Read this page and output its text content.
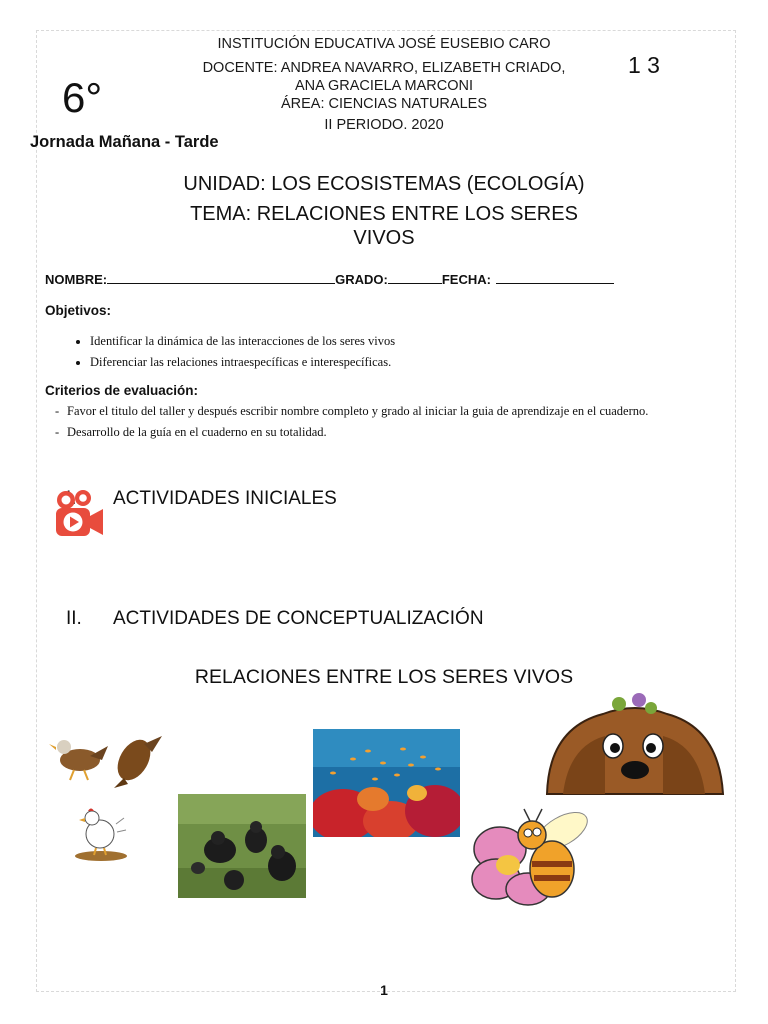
INSTITUCIÓN EDUCATIVA JOSÉ EUSEBIO CARO
DOCENTE: ANDREA NAVARRO, ELIZABETH CRIADO,
ANA GRACIELA MARCONI
ÁREA: CIENCIAS NATURALES
II PERIODO. 2020
6°
1 3
Jornada Mañana - Tarde
UNIDAD: LOS ECOSISTEMAS (ECOLOGÍA)
TEMA: RELACIONES ENTRE LOS SERES
VIVOS
NOMBRE:	GRADO:	FECHA:
Objetivos:
• Identificar la dinámica de las interacciones de los seres vivos
• Diferenciar las relaciones intraespecíficas e interespecíficas.
Criterios de evaluación:
- Favor el titulo del taller y después escribir nombre completo y grado al iniciar la guia de aprendizaje en el cuaderno.
- Desarrollo de la guía en el cuaderno en su totalidad.
ACTIVIDADES INICIALES
II. ACTIVIDADES DE CONCEPTUALIZACIÓN
RELACIONES ENTRE LOS SERES VIVOS
1
